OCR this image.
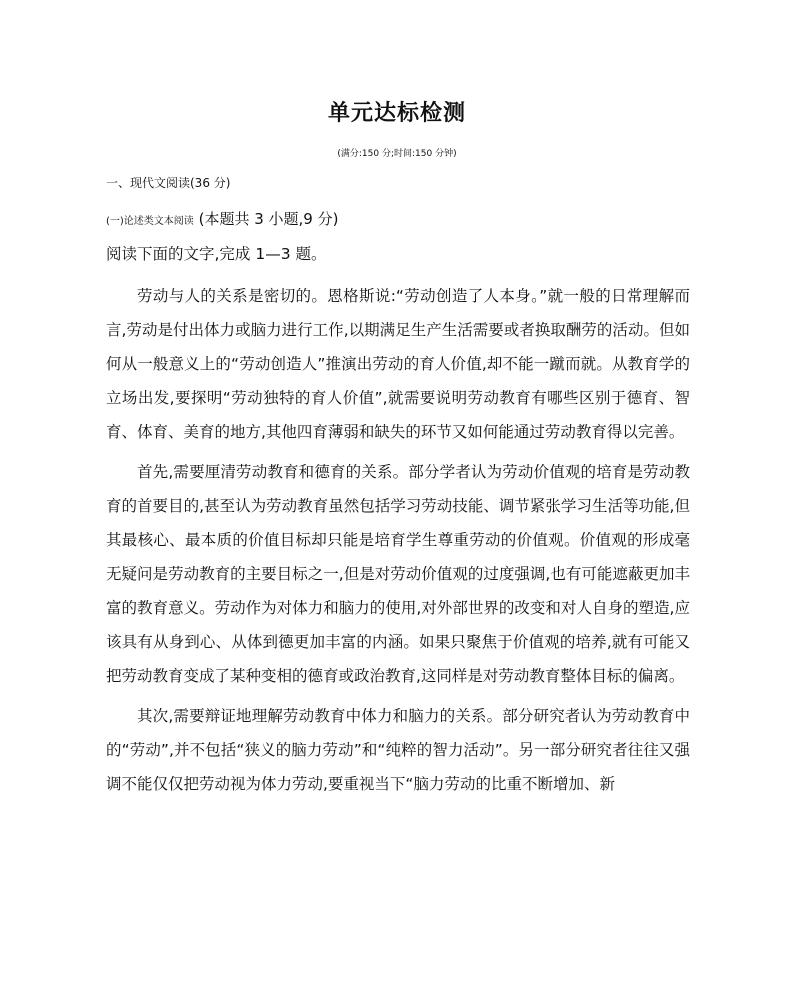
单元达标检测
(满分:150 分;时间:150 分钟)
一、现代文阅读(36 分)
(一)论述类文本阅读 (本题共 3 小题,9 分)
阅读下面的文字,完成 1—3 题。

劳动与人的关系是密切的。恩格斯说:“劳动创造了人本身。”就一般的日常理解而言,劳动是付出体力或脑力进行工作,以期满足生产生活需要或者换取酬劳的活动。但如何从一般意义上的“劳动创造人”推演出劳动的育人价值,却不能一蹴而就。从教育学的立场出发,要探明“劳动独特的育人价值”,就需要说明劳动教育有哪些区别于德育、智育、体育、美育的地方,其他四育薄弱和缺失的环节又如何能通过劳动教育得以完善。

首先,需要厘清劳动教育和德育的关系。部分学者认为劳动价值观的培育是劳动教育的首要目的,甚至认为劳动教育虽然包括学习劳动技能、调节紧张学习生活等功能,但其最核心、最本质的价值目标却只能是培育学生尊重劳动的价值观。价值观的形成毫无疑问是劳动教育的主要目标之一,但是对劳动价值观的过度强调,也有可能遮蔽更加丰富的教育意义。劳动作为对体力和脑力的使用,对外部世界的改变和对人自身的塑造,应该具有从身到心、从体到德更加丰富的内涵。如果只聚焦于价值观的培养,就有可能又把劳动教育变成了某种变相的德育或政治教育,这同样是对劳动教育整体目标的偏离。

其次,需要辩证地理解劳动教育中体力和脑力的关系。部分研究者认为劳动教育中的“劳动”,并不包括“狭义的脑力劳动”和“纯粹的智力活动”。另一部分研究者往往又强调不能仅仅把劳动视为体力劳动,要重视当下“脑力劳动的比重不断增加、新
